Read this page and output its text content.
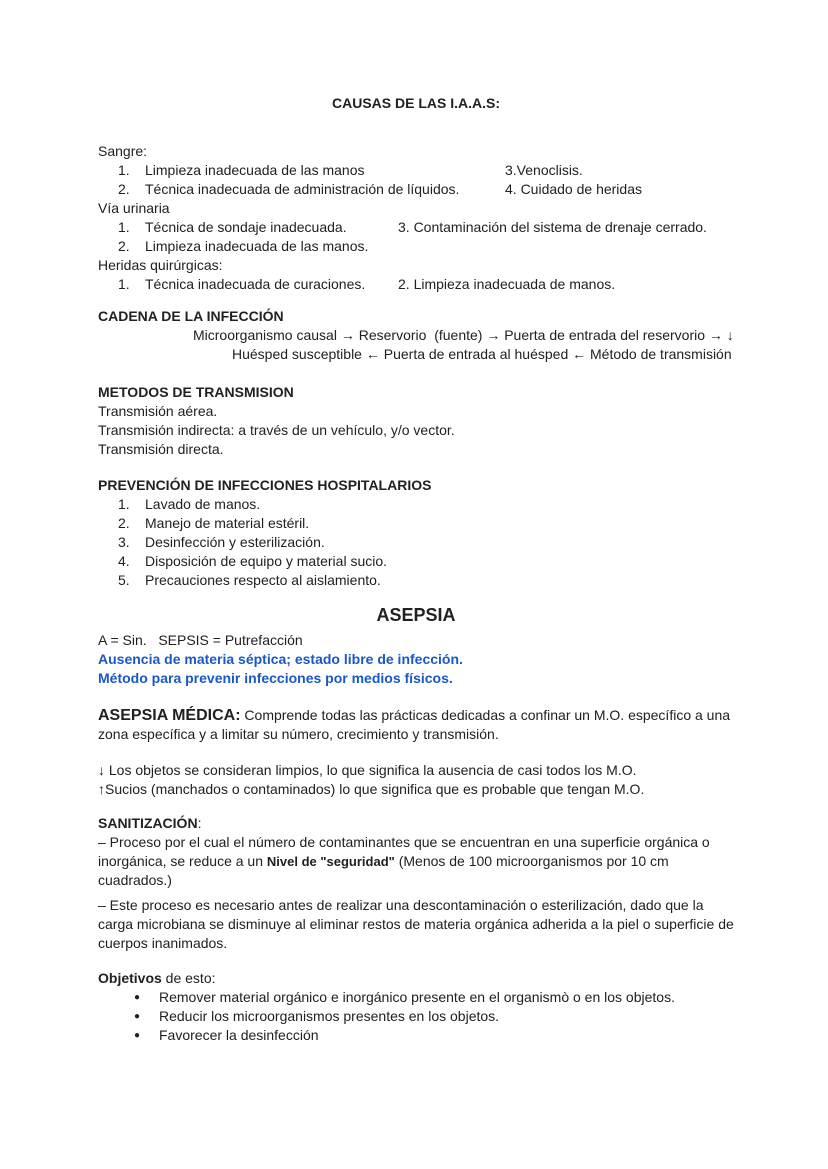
CAUSAS DE LAS I.A.A.S:
Sangre:
1.	Limpieza inadecuada de las manos	3.Venoclisis.
2.	Técnica inadecuada de administración de líquidos.	4. Cuidado de heridas
Vía urinaria
1.	Técnica de sondaje inadecuada.	3. Contaminación del sistema de drenaje cerrado.
2.	Limpieza inadecuada de las manos.
Heridas quirúrgicas:
1.	Técnica inadecuada de curaciones. 2. Limpieza inadecuada de manos.
CADENA DE LA INFECCIÓN
Microorganismo causal → Reservorio  (fuente) → Puerta de entrada del reservorio → ↓
Huésped susceptible ← Puerta de entrada al huésped ← Método de transmisión
METODOS DE TRANSMISION
Transmisión aérea.
Transmisión indirecta: a través de un vehículo, y/o vector.
Transmisión directa.
PREVENCIÓN DE INFECCIONES HOSPITALARIOS
1.	Lavado de manos.
2.	Manejo de material estéril.
3.	Desinfección y esterilización.
4.	Disposición de equipo y material sucio.
5.	Precauciones respecto al aislamiento.
ASEPSIA
A = Sin.   SEPSIS = Putrefacción
Ausencia de materia séptica; estado libre de infección.
Método para prevenir infecciones por medios físicos.
ASEPSIA MÉDICA: Comprende todas las prácticas dedicadas a confinar un M.O. específico a una zona específica y a limitar su número, crecimiento y transmisión.
↓ Los objetos se consideran limpios, lo que significa la ausencia de casi todos los M.O.
↑Sucios (manchados o contaminados) lo que significa que es probable que tengan M.O.
SANITIZACIÓN:
– Proceso por el cual el número de contaminantes que se encuentran en una superficie orgánica o inorgánica, se reduce a un Nivel de "seguridad" (Menos de 100 microorganismos por 10 cm cuadrados.)
– Este proceso es necesario antes de realizar una descontaminación o esterilización, dado que la carga microbiana se disminuye al eliminar restos de materia orgánica adherida a la piel o superficie de cuerpos inanimados.
Objetivos de esto:
●	Remover material orgánico e inorgánico presente en el organismò o en los objetos.
●	Reducir los microorganismos presentes en los objetos.
●	Favorecer la desinfección
